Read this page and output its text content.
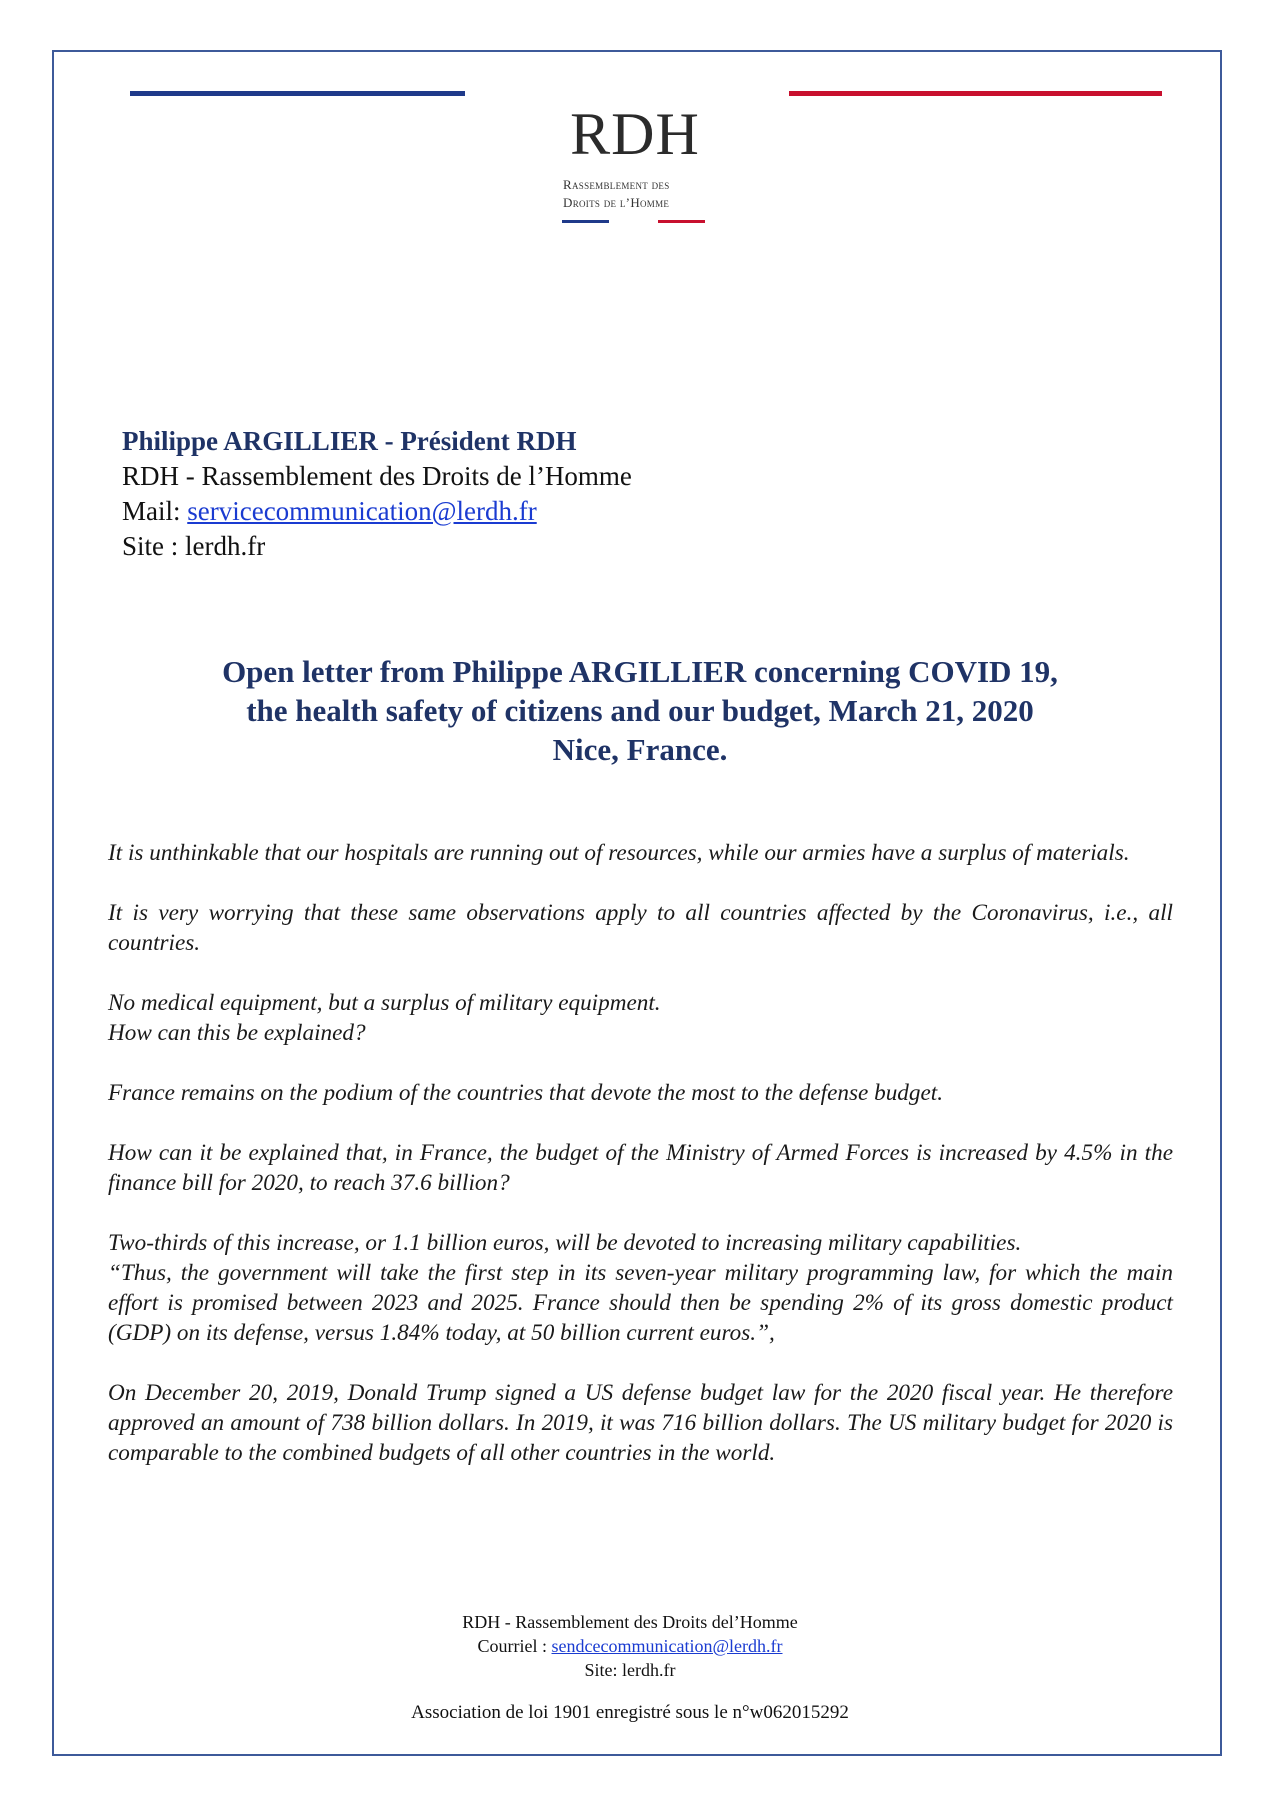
RDH
Rassemblement des
Droits de l’Homme
Philippe ARGILLIER - Président RDH
RDH - Rassemblement des Droits de l’Homme
Mail: servicecommunication@lerdh.fr
Site : lerdh.fr
Open letter from Philippe ARGILLIER concerning COVID 19,
the health safety of citizens and our budget, March 21, 2020
Nice, France.

It is unthinkable that our hospitals are running out of resources, while our armies have a surplus of materials.

It is very worrying that these same observations apply to all countries affected by the Coronavirus, i.e., all countries.

No medical equipment, but a surplus of military equipment.
How can this be explained?

France remains on the podium of the countries that devote the most to the defense budget.

How can it be explained that, in France, the budget of the Ministry of Armed Forces is increased by 4.5% in the finance bill for 2020, to reach 37.6 billion?

Two-thirds of this increase, or 1.1 billion euros, will be devoted to increasing military capabilities.
“Thus, the government will take the first step in its seven-year military programming law, for which the main effort is promised between 2023 and 2025. France should then be spending 2% of its gross domestic product (GDP) on its defense, versus 1.84% today, at 50 billion current euros.”,

On December 20, 2019, Donald Trump signed a US defense budget law for the 2020 fiscal year. He therefore approved an amount of 738 billion dollars. In 2019, it was 716 billion dollars. The US military budget for 2020 is comparable to the combined budgets of all other countries in the world.

RDH - Rassemblement des Droits del’Homme
Courriel : sendcecommunication@lerdh.fr
Site: lerdh.fr
Association de loi 1901 enregistré sous le n°w062015292
